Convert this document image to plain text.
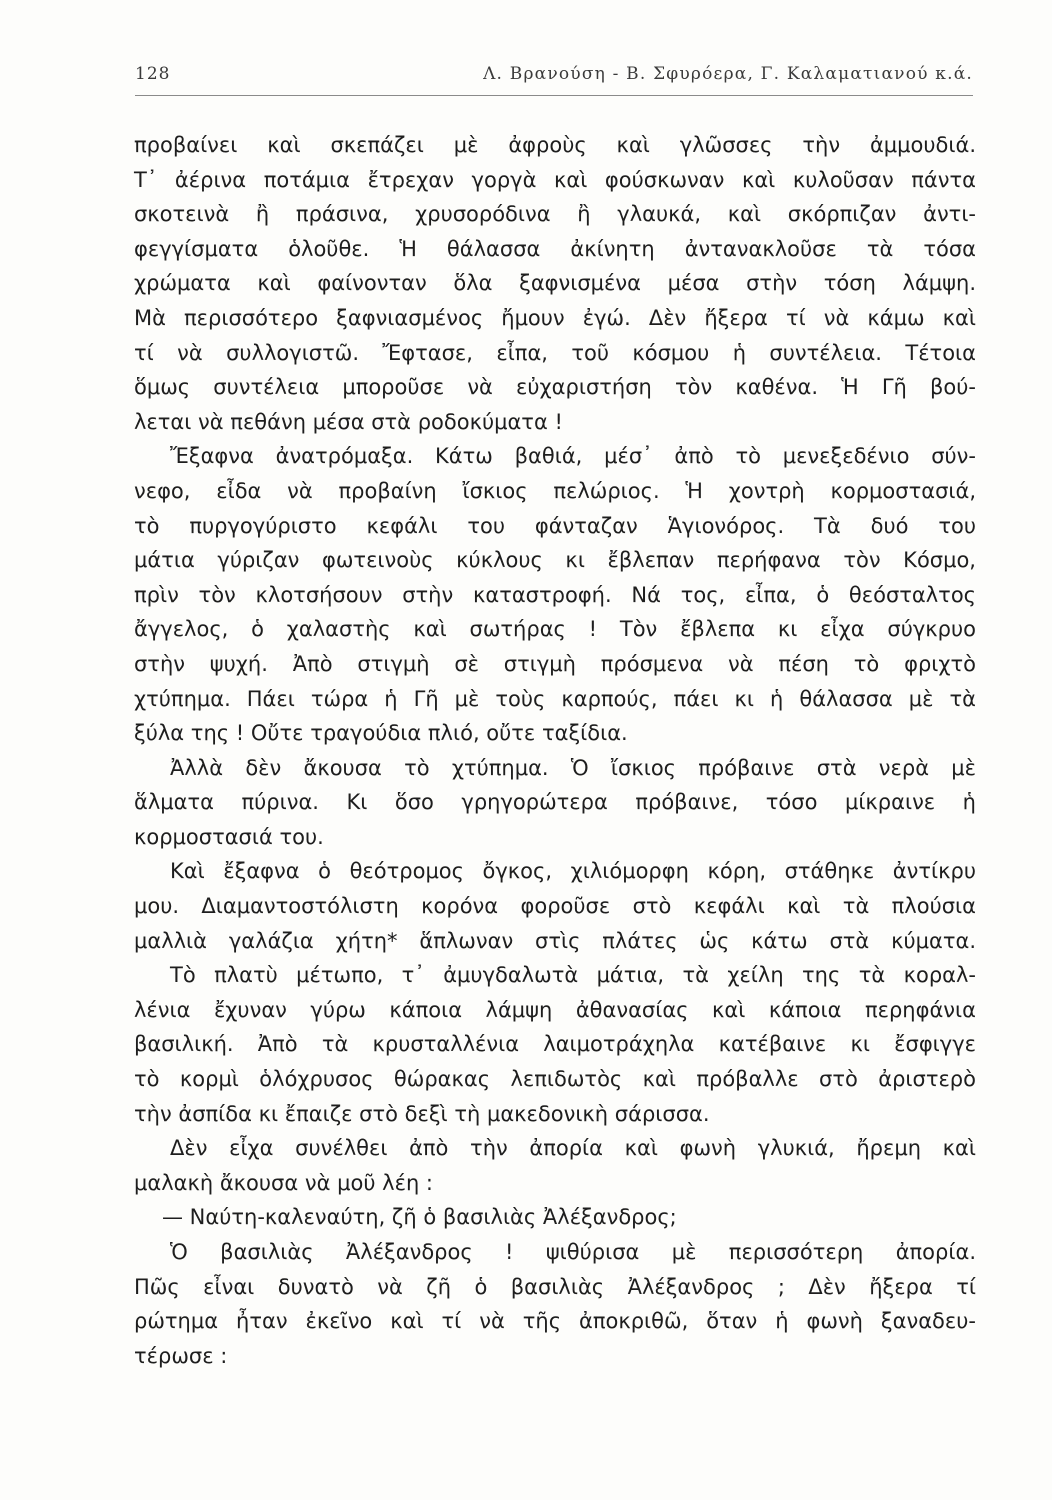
128	Λ. Βρανούση - Β. Σφυρόερα, Γ. Καλαματιανού κ.ά.
προβαίνει καὶ σκεπάζει μὲ ἀφροὺς καὶ γλῶσσες τὴν ἀμμουδιά.
Τ᾽ ἀέρινα ποτάμια ἔτρεχαν γοργὰ καὶ φούσκωναν καὶ κυλοῦσαν πάντα
σκοτεινὰ ἢ πράσινα, χρυσορόδινα ἢ γλαυκά, καὶ σκόρπιζαν ἀντι-
φεγγίσματα ὁλοῦθε. Ἡ θάλασσα ἀκίνητη ἀντανακλοῦσε τὰ τόσα
χρώματα καὶ φαίνονταν ὅλα ξαφνισμένα μέσα στὴν τόση λάμψη.
Μὰ περισσότερο ξαφνιασμένος ἤμουν ἐγώ. Δὲν ἤξερα τί νὰ κάμω καὶ
τί νὰ συλλογιστῶ. Ἔφτασε, εἶπα, τοῦ κόσμου ἡ συντέλεια. Τέτοια
ὅμως συντέλεια μποροῦσε νὰ εὐχαριστήση τὸν καθένα. Ἡ Γῆ βού-
λεται νὰ πεθάνη μέσα στὰ ροδοκύματα !
Ἔξαφνα ἀνατρόμαξα. Κάτω βαθιά, μέσ᾽ ἀπὸ τὸ μενεξεδένιο σύν-
νεφο, εἶδα νὰ προβαίνη ἴσκιος πελώριος. Ἡ χοντρὴ κορμοστασιά,
τὸ πυργογύριστο κεφάλι του φάνταζαν Ἁγιονόρος. Τὰ δυό του
μάτια γύριζαν φωτεινοὺς κύκλους κι ἔβλεπαν περήφανα τὸν Κόσμο,
πρὶν τὸν κλοτσήσουν στὴν καταστροφή. Νά τος, εἶπα, ὁ θεόσταλτος
ἄγγελος, ὁ χαλαστὴς καὶ σωτήρας ! Τὸν ἔβλεπα κι εἶχα σύγκρυο
στὴν ψυχή. Ἀπὸ στιγμὴ σὲ στιγμὴ πρόσμενα νὰ πέση τὸ φριχτὸ
χτύπημα. Πάει τώρα ἡ Γῆ μὲ τοὺς καρπούς, πάει κι ἡ θάλασσα μὲ τὰ
ξύλα της ! Οὔτε τραγούδια πλιό, οὔτε ταξίδια.
Ἀλλὰ δὲν ἄκουσα τὸ χτύπημα. Ὁ ἴσκιος πρόβαινε στὰ νερὰ μὲ
ἅλματα πύρινα. Κι ὅσο γρηγορώτερα πρόβαινε, τόσο μίκραινε ἡ
κορμοστασιά του.
Καὶ ἔξαφνα ὁ θεότρομος ὄγκος, χιλιόμορφη κόρη, στάθηκε ἀντίκρυ
μου. Διαμαντοστόλιστη κορόνα φοροῦσε στὸ κεφάλι καὶ τὰ πλούσια
μαλλιὰ γαλάζια χήτη* ἅπλωναν στὶς πλάτες ὡς κάτω στὰ κύματα.
Τὸ πλατὺ μέτωπο, τ᾽ ἀμυγδαλωτὰ μάτια, τὰ χείλη της τὰ κοραλ-
λένια ἔχυναν γύρω κάποια λάμψη ἀθανασίας καὶ κάποια περηφάνια
βασιλική. Ἀπὸ τὰ κρυσταλλένια λαιμοτράχηλα κατέβαινε κι ἔσφιγγε
τὸ κορμὶ ὁλόχρυσος θώρακας λεπιδωτὸς καὶ πρόβαλλε στὸ ἀριστερὸ
τὴν ἀσπίδα κι ἔπαιζε στὸ δεξὶ τὴ μακεδονικὴ σάρισσα.
Δὲν εἶχα συνέλθει ἀπὸ τὴν ἀπορία καὶ φωνὴ γλυκιά, ἤρεμη καὶ
μαλακὴ ἄκουσα νὰ μοῦ λέη :
— Ναύτη-καλεναύτη, ζῆ ὁ βασιλιὰς Ἀλέξανδρος;
Ὁ βασιλιὰς Ἀλέξανδρος ! ψιθύρισα μὲ περισσότερη ἀπορία.
Πῶς εἶναι δυνατὸ νὰ ζῆ ὁ βασιλιὰς Ἀλέξανδρος ; Δὲν ἤξερα τί
ρώτημα ἦταν ἐκεῖνο καὶ τί νὰ τῆς ἀποκριθῶ, ὅταν ἡ φωνὴ ξαναδευ-
τέρωσε :
